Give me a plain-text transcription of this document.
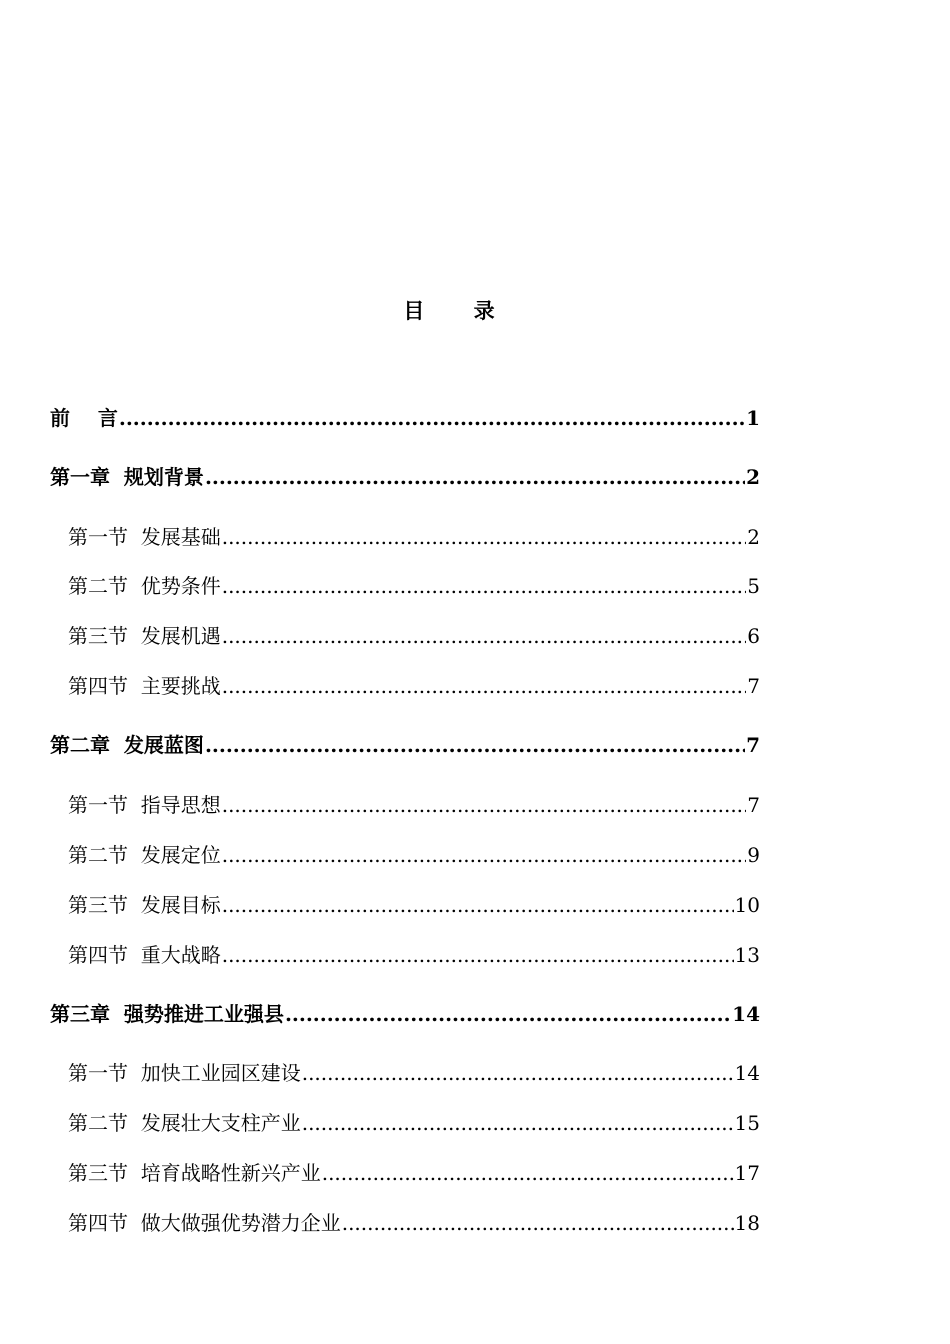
目    录
前    言 .....	1
第一章  规划背景 .....	2
第一节  发展基础 .....	2
第二节  优势条件 .....	5
第三节  发展机遇 .....	6
第四节  主要挑战 .....	7
第二章  发展蓝图 .....	7
第一节  指导思想 .....	7
第二节  发展定位 .....	9
第三节  发展目标 .....	10
第四节  重大战略 .....	13
第三章  强势推进工业强县 .....	14
第一节  加快工业园区建设 .....	14
第二节  发展壮大支柱产业 .....	15
第三节  培育战略性新兴产业 .....	17
第四节  做大做强优势潜力企业 .....	18
